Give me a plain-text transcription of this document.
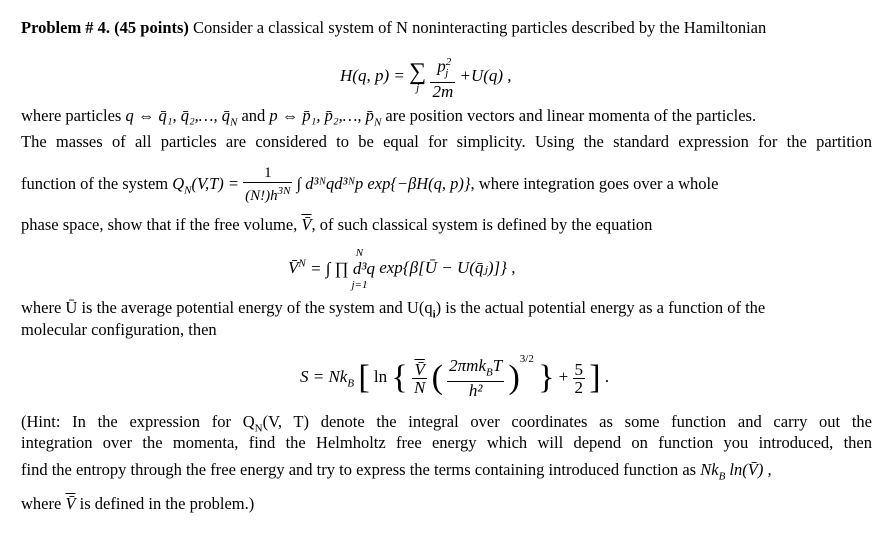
Problem # 4. (45 points) Consider a classical system of N noninteracting particles described by the Hamiltonian
H(q, p) = ∑
j
$\frac{p^2_j}{2m} +U(q)$ ,
where particles q ⇔ q̄₁, q̄₂,…, $q̄_N$ and p ⇔ p̄₁, p̄₂,…, $p̄_N$ are position vectors and linear momenta of the particles.
The masses of all particles are considered to be equal for simplicity. Using the standard expression for the partition
function of the system $Q_N(V,T) = \frac{1}{(N!)h^{3N}}$ ∫ d³ᴺqd³ᴺp exp{−βH(q, p)}, where integration goes over a whole
phase space, show that if the free volume, V̄, of such classical system is defined by the equation
V̄$^N$
N
= ∫ ∏ d³q
j=1
exp{β[Ū − U(q̄ⱼ)]} ,
where Ū is the average potential energy of the system and $U(q_i)$ is the actual potential energy as a function of the
molecular configuration, then
$S = Nk_B$ [ ln { $\frac{V̄}{N}$ ( $\frac{2\pi mk_BT}{\text{h²}} )^{3/2}$ } + $\frac{5}{2}$ ] .
(Hint: In the expression for $Q_N(V$, T) denote the integral over coordinates as some function and carry out the
integration over the momenta, find the Helmholtz free energy which will depend on function you introduced, then
find the entropy through the free energy and try to express the terms containing introduced function as $Nk_B$ ln(V̄) ,
where V̄ is defined in the problem.)
